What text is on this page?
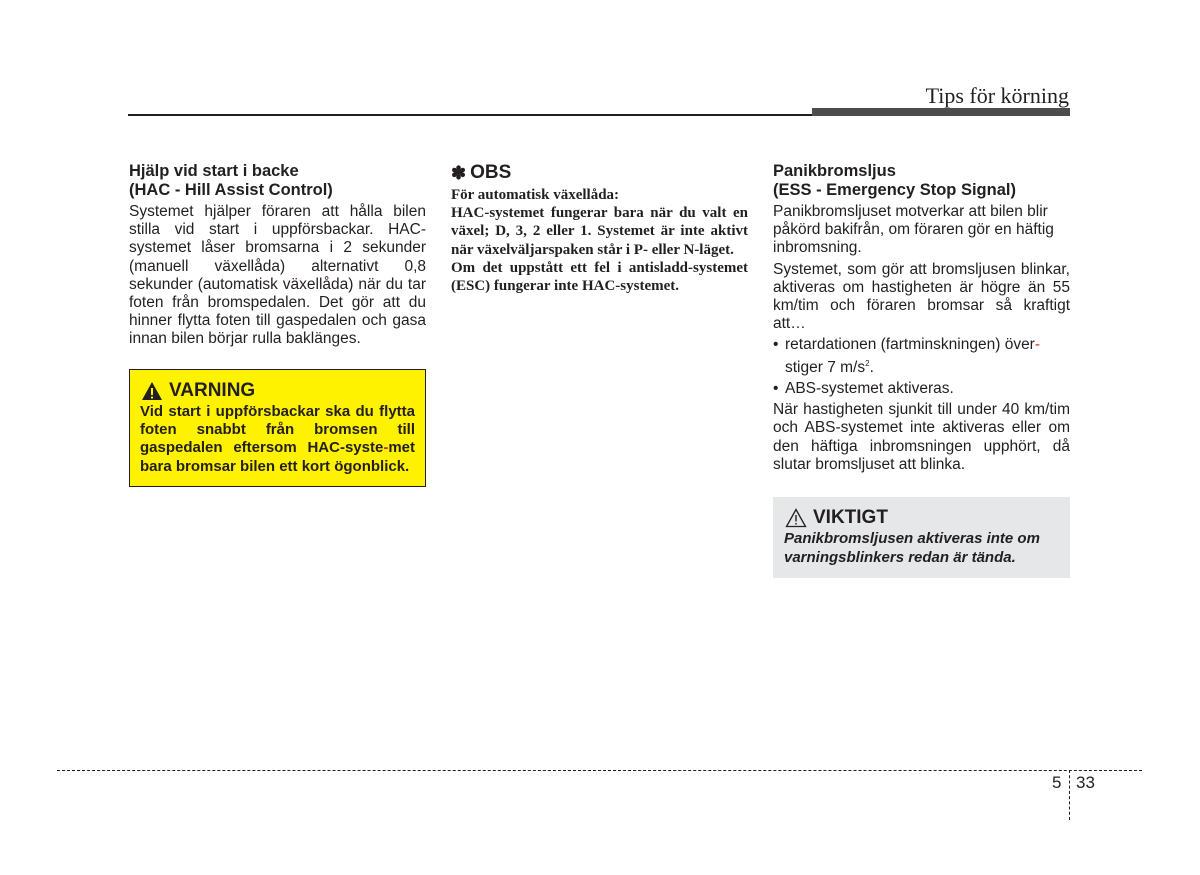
Tips för körning
Hjälp vid start i backe
(HAC - Hill Assist Control)
Systemet hjälper föraren att hålla bilen stilla vid start i uppförsbackar. HAC-systemet låser bromsarna i 2 sekunder (manuell växellåda) alternativt 0,8 sekunder (automatisk växellåda) när du tar foten från bromspedalen. Det gör att du hinner flytta foten till gaspedalen och gasa innan bilen börjar rulla baklänges.
VARNING
Vid start i uppförsbackar ska du flytta foten snabbt från bromsen till gaspedalen eftersom HAC-syste-met bara bromsar bilen ett kort ögonblick.
✽ OBS
För automatisk växellåda:
HAC-systemet fungerar bara när du valt en växel; D, 3, 2 eller 1. Systemet är inte aktivt när växelväljarspaken står i P- eller N-läget.
Om det uppstått ett fel i antisladd-systemet (ESC) fungerar inte HAC-systemet.
Panikbromsljus
(ESS - Emergency Stop Signal)
Panikbromsljuset motverkar att bilen blir påkörd bakifrån, om föraren gör en häftig inbromsning.
Systemet, som gör att bromsljusen blinkar, aktiveras om hastigheten är högre än 55 km/tim och föraren bromsar så kraftigt att…
• retardationen (fartminskningen) över-
stiger 7 $m/s^2$.
• ABS-systemet aktiveras.
När hastigheten sjunkit till under 40 km/tim och ABS-systemet inte aktiveras eller om den häftiga inbromsningen upphört, då slutar bromsljuset att blinka.
VIKTIGT
Panikbromsljusen aktiveras inte om varningsblinkers redan är tända.
5 33
